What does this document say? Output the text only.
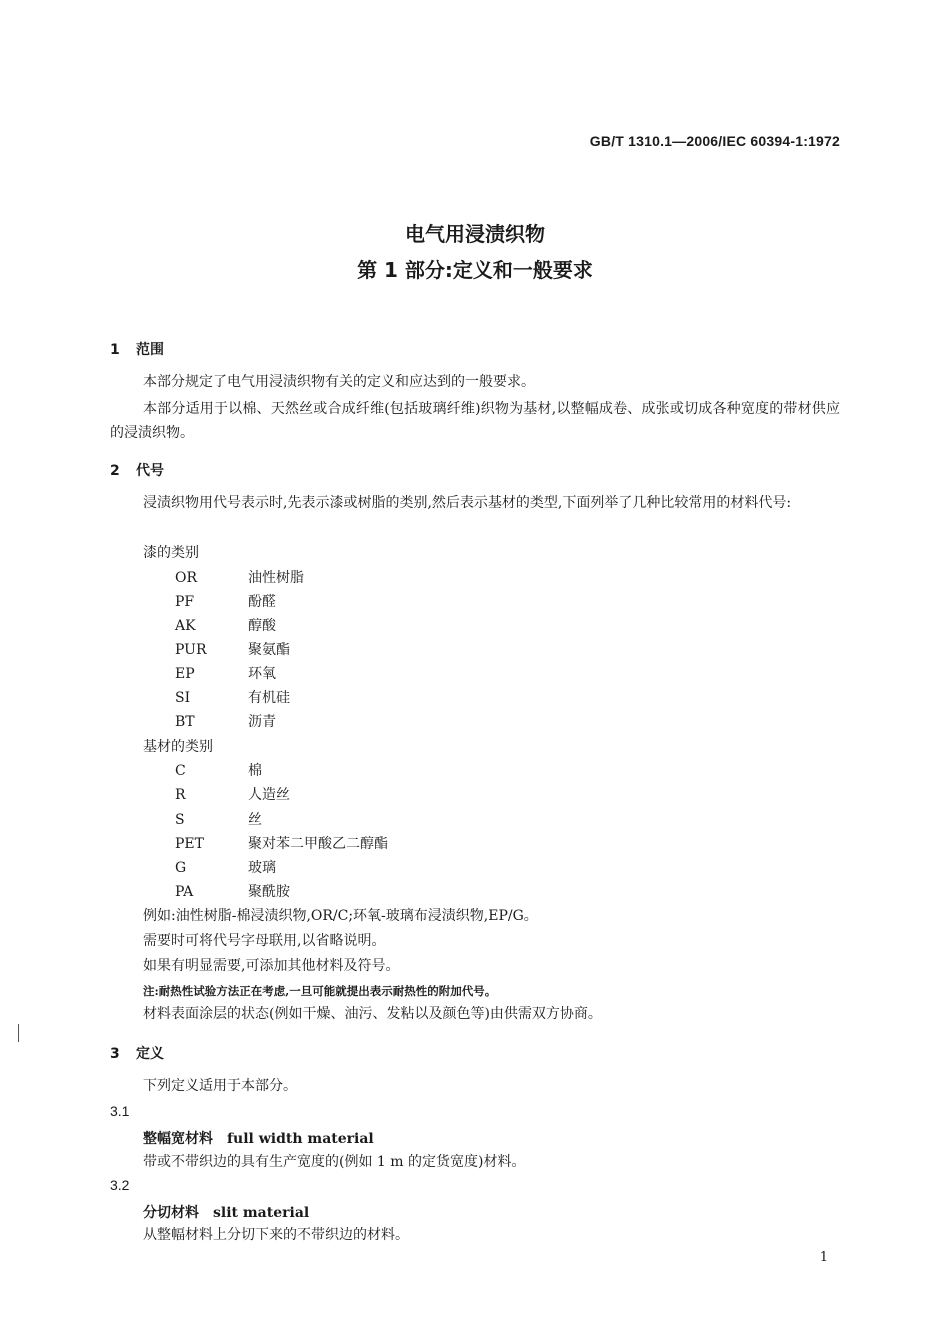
GB/T 1310.1—2006/IEC 60394-1:1972
电气用浸渍织物
第 1 部分:定义和一般要求
1 范围
本部分规定了电气用浸渍织物有关的定义和应达到的一般要求。
本部分适用于以棉、天然丝或合成纤维(包括玻璃纤维)织物为基材,以整幅成卷、成张或切成各种宽度的带材供应的浸渍织物。
2 代号
浸渍织物用代号表示时,先表示漆或树脂的类别,然后表示基材的类型,下面列举了几种比较常用的材料代号:
漆的类别
OR	油性树脂
PF	酚醛
AK	醇酸
PUR	聚氨酯
EP	环氧
SI	有机硅
BT	沥青
基材的类别
C	棉
R	人造丝
S	丝
PET	聚对苯二甲酸乙二醇酯
G	玻璃
PA	聚酰胺
例如:油性树脂-棉浸渍织物,OR/C;环氧-玻璃布浸渍织物,EP/G。
需要时可将代号字母联用,以省略说明。
如果有明显需要,可添加其他材料及符号。
注:耐热性试验方法正在考虑,一旦可能就提出表示耐热性的附加代号。
材料表面涂层的状态(例如干燥、油污、发粘以及颜色等)由供需双方协商。
3 定义
下列定义适用于本部分。
3.1
整幅宽材料 full width material
带或不带织边的具有生产宽度的(例如 1 m 的定货宽度)材料。
3.2
分切材料 slit material
从整幅材料上分切下来的不带织边的材料。
1
